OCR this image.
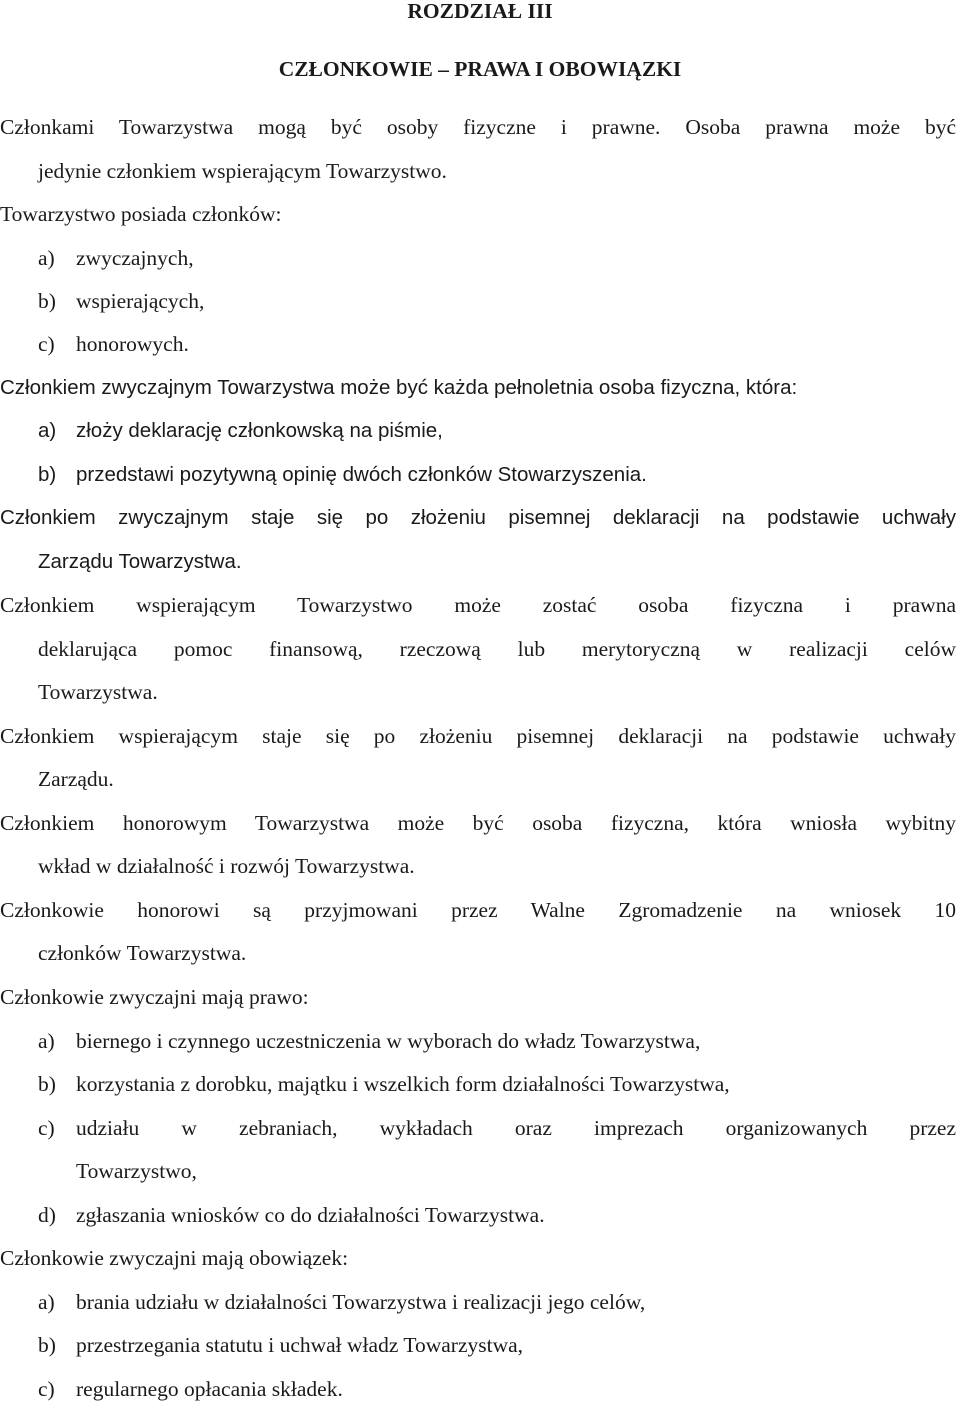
ROZDZIAŁ III
CZŁONKOWIE – PRAWA I OBOWIĄZKI
Członkami Towarzystwa mogą być osoby fizyczne i prawne. Osoba prawna może być
jedynie członkiem wspierającym Towarzystwo.
Towarzystwo posiada członków:
a) zwyczajnych,
b) wspierających,
c) honorowych.
Członkiem zwyczajnym Towarzystwa może być każda pełnoletnia osoba fizyczna, która:
a) złoży deklarację członkowską na piśmie,
b) przedstawi pozytywną opinię dwóch członków Stowarzyszenia.
Członkiem zwyczajnym staje się po złożeniu pisemnej deklaracji na podstawie uchwały
Zarządu Towarzystwa.
Członkiem wspierającym Towarzystwo może zostać osoba fizyczna i prawna
deklarująca pomoc finansową, rzeczową lub merytoryczną w realizacji celów
Towarzystwa.
Członkiem wspierającym staje się po złożeniu pisemnej deklaracji na podstawie uchwały
Zarządu.
Członkiem honorowym Towarzystwa może być osoba fizyczna, która wniosła wybitny
wkład w działalność i rozwój Towarzystwa.
Członkowie honorowi są przyjmowani przez Walne Zgromadzenie na wniosek 10
członków Towarzystwa.
Członkowie zwyczajni mają prawo:
a) biernego i czynnego uczestniczenia w wyborach do władz Towarzystwa,
b) korzystania z dorobku, majątku i wszelkich form działalności Towarzystwa,
c) udziału w zebraniach, wykładach oraz imprezach organizowanych przez
Towarzystwo,
d) zgłaszania wniosków co do działalności Towarzystwa.
Członkowie zwyczajni mają obowiązek:
a) brania udziału w działalności Towarzystwa i realizacji jego celów,
b) przestrzegania statutu i uchwał władz Towarzystwa,
c) regularnego opłacania składek.
